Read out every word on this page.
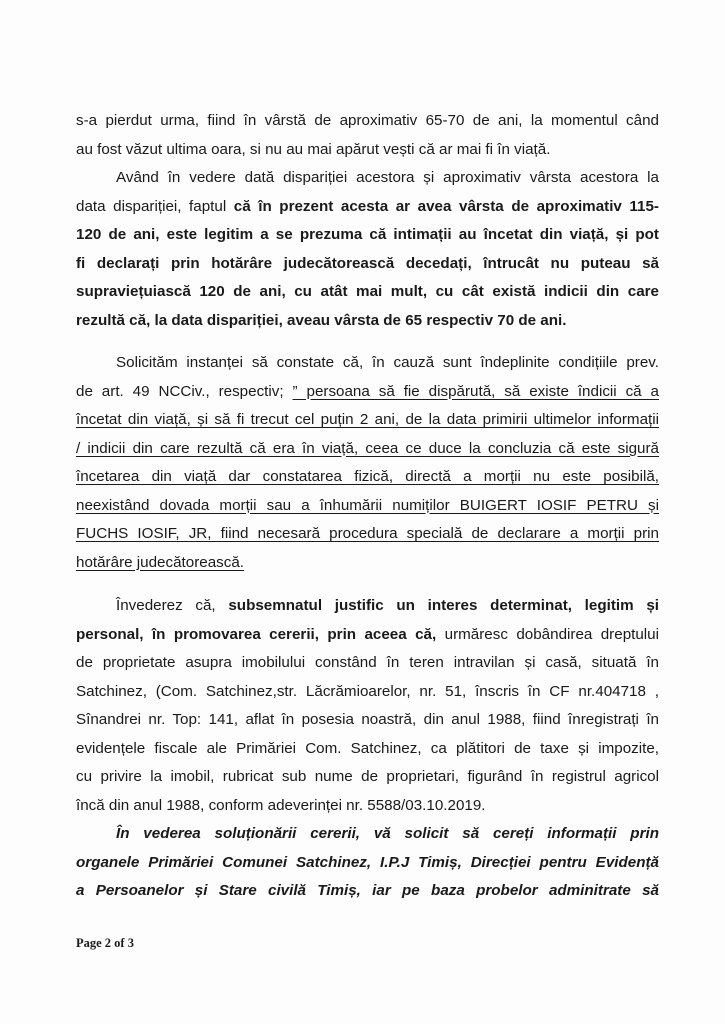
s-a pierdut urma, fiind în vârstă de aproximativ 65-70 de ani, la momentul când
au fost văzut ultima oara, si nu au mai apărut vești că ar mai fi în viață.
Având în vedere dată dispariției acestora și aproximativ vârsta acestora la
data dispariției, faptul că în prezent acesta ar avea vârsta de aproximativ 115-
120 de ani, este legitim a se prezuma că intimații au încetat din viață, și pot
fi declarați prin hotărâre judecătorească decedați, întrucât nu puteau să
supraviețuiască 120 de ani, cu atât mai mult, cu cât există indicii din care
rezultă că, la data dispariției, aveau vârsta de 65 respectiv 70 de ani.
Solicităm instanței să constate că, în cauză sunt îndeplinite condițiile prev.
de art. 49 NCCiv., respectiv; ” persoana să fie dispărută, să existe îndicii că a
încetat din viață, și să fi trecut cel puțin 2 ani, de la data primirii ultimelor informații
/ indicii din care rezultă că era în viață, ceea ce duce la concluzia că este sigură
încetarea din viață dar constatarea fizică, directă a morții nu este posibilă,
neexistând dovada morții sau a înhumării numiților BUIGERT IOSIF PETRU și
FUCHS IOSIF, JR, fiind necesară procedura specială de declarare a morții prin
hotărâre judecătorească.
Învederez că, subsemnatul justific un interes determinat, legitim și
personal, în promovarea cererii, prin aceea că, urmăresc dobândirea dreptului
de proprietate asupra imobilului constând în teren intravilan și casă, situată în
Satchinez, (Com. Satchinez,str. Lăcrămioarelor, nr. 51, înscris în CF nr.404718 ,
Sînandrei nr. Top: 141, aflat în posesia noastră, din anul 1988, fiind înregistrați în
evidențele fiscale ale Primăriei Com. Satchinez, ca plătitori de taxe și impozite,
cu privire la imobil, rubricat sub nume de proprietari, figurând în registrul agricol
încă din anul 1988, conform adeverinței nr. 5588/03.10.2019.
În vederea soluționării cererii, vă solicit să cereți informații prin
organele Primăriei Comunei Satchinez, I.P.J Timiș, Direcției pentru Evidență
a Persoanelor și Stare civilă Timiș, iar pe baza probelor adminitrate să
Page 2 of 3
